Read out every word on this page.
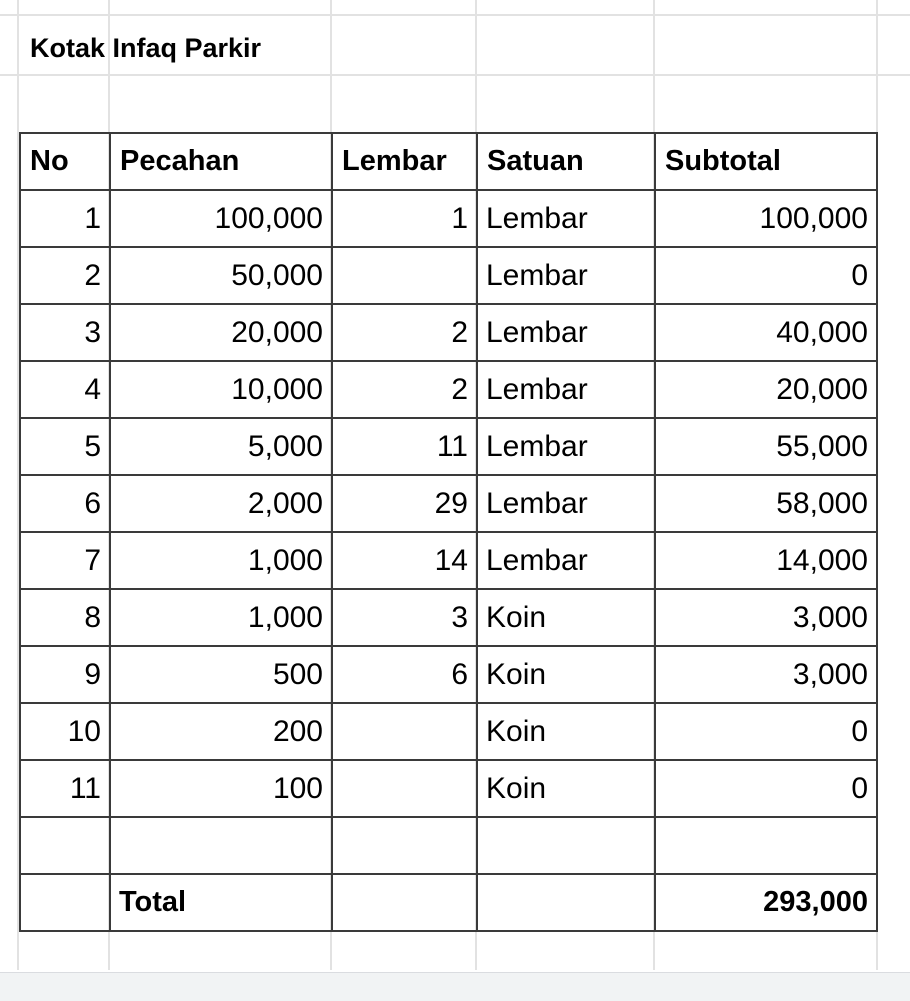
Kotak Infaq Parkir
No	Pecahan	Lembar	Satuan	Subtotal
1	100,000	1	Lembar	100,000
2	50,000		Lembar	0
3	20,000	2	Lembar	40,000
4	10,000	2	Lembar	20,000
5	5,000	11	Lembar	55,000
6	2,000	29	Lembar	58,000
7	1,000	14	Lembar	14,000
8	1,000	3	Koin	3,000
9	500	6	Koin	3,000
10	200		Koin	0
11	100		Koin	0

	Total			293,000
